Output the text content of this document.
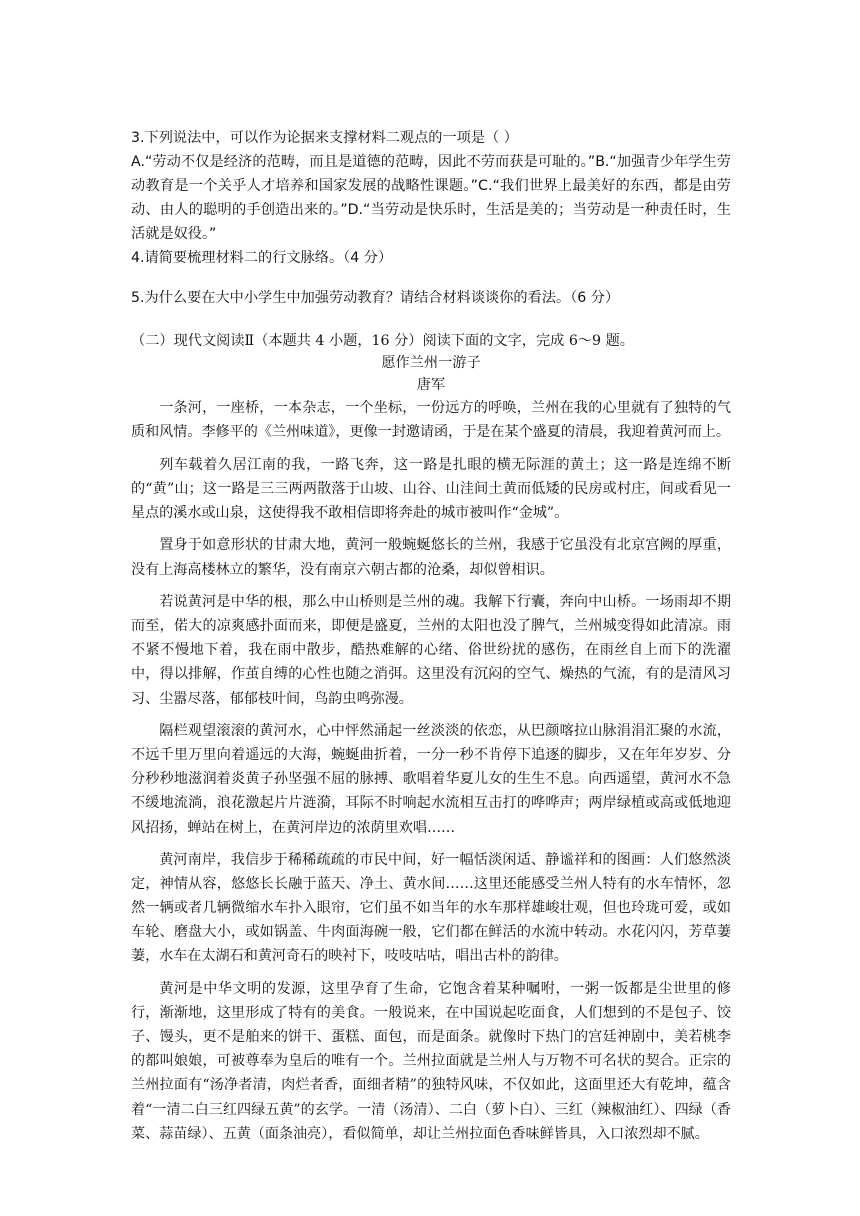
3.下列说法中，可以作为论据来支撑材料二观点的一项是（ ）

A.“劳动不仅是经济的范畴，而且是道德的范畴，因此不劳而获是可耻的。”B.“加强青少年学生劳动教育是一个关乎人才培养和国家发展的战略性课题。”C.“我们世界上最美好的东西，都是由劳动、由人的聪明的手创造出来的。”D.“当劳动是快乐时，生活是美的；当劳动是一种责任时，生活就是奴役。”

4.请简要梳理材料二的行文脉络。（4 分）

5.为什么要在大中小学生中加强劳动教育？请结合材料谈谈你的看法。（6 分）

（二）现代文阅读Ⅱ（本题共 4 小题，16 分）阅读下面的文字，完成 6～9 题。

愿作兰州一游子

唐军

一条河，一座桥，一本杂志，一个坐标，一份远方的呼唤，兰州在我的心里就有了独特的气质和风情。李修平的《兰州味道》，更像一封邀请函，于是在某个盛夏的清晨，我迎着黄河而上。

列车载着久居江南的我，一路飞奔，这一路是扎眼的横无际涯的黄土；这一路是连绵不断的“黄”山；这一路是三三两两散落于山坡、山谷、山洼间土黄而低矮的民房或村庄，间或看见一星点的溪水或山泉，这使得我不敢相信即将奔赴的城市被叫作“金城”。

置身于如意形状的甘肃大地，黄河一般蜿蜒悠长的兰州，我感于它虽没有北京宫阙的厚重，没有上海高楼林立的繁华，没有南京六朝古都的沧桑，却似曾相识。

若说黄河是中华的根，那么中山桥则是兰州的魂。我解下行囊，奔向中山桥。一场雨却不期而至，偌大的凉爽感扑面而来，即便是盛夏，兰州的太阳也没了脾气，兰州城变得如此清凉。雨不紧不慢地下着，我在雨中散步，酷热难解的心绪、俗世纷扰的感伤，在雨丝自上而下的洗濯中，得以排解，作茧自缚的心性也随之消弭。这里没有沉闷的空气、燥热的气流，有的是清风习习、尘嚣尽落，郁郁枝叶间，鸟韵虫鸣弥漫。

隔栏观望滚滚的黄河水，心中怦然涌起一丝淡淡的依恋，从巴颜喀拉山脉涓涓汇聚的水流，不远千里万里向着遥远的大海，蜿蜒曲折着，一分一秒不肯停下追逐的脚步，又在年年岁岁、分分秒秒地滋润着炎黄子孙坚强不屈的脉搏、歌唱着华夏儿女的生生不息。向西遥望，黄河水不急不缓地流淌，浪花激起片片涟漪，耳际不时响起水流相互击打的哗哗声；两岸绿植或高或低地迎风招扬，蝉站在树上，在黄河岸边的浓荫里欢唱……

黄河南岸，我信步于稀稀疏疏的市民中间，好一幅恬淡闲适、静谧祥和的图画：人们悠然淡定，神情从容，悠悠长长融于蓝天、净土、黄水间……这里还能感受兰州人特有的水车情怀，忽然一辆或者几辆微缩水车扑入眼帘，它们虽不如当年的水车那样雄峻壮观，但也玲珑可爱，或如车轮、磨盘大小，或如锅盖、牛肉面海碗一般，它们都在鲜活的水流中转动。水花闪闪，芳草萋萋，水车在太湖石和黄河奇石的映衬下，吱吱咕咕，唱出古朴的韵律。

黄河是中华文明的发源，这里孕育了生命，它饱含着某种嘱咐，一粥一饭都是尘世里的修行，渐渐地，这里形成了特有的美食。一般说来，在中国说起吃面食，人们想到的不是包子、饺子、馒头，更不是舶来的饼干、蛋糕、面包，而是面条。就像时下热门的宫廷神剧中，美若桃李的都叫娘娘，可被尊奉为皇后的唯有一个。兰州拉面就是兰州人与万物不可名状的契合。正宗的兰州拉面有“汤净者清，肉烂者香，面细者精”的独特风味，不仅如此，这面里还大有乾坤，蕴含着“一清二白三红四绿五黄”的玄学。一清（汤清）、二白（萝卜白）、三红（辣椒油红）、四绿（香菜、蒜苗绿）、五黄（面条油亮），看似简单，却让兰州拉面色香味鲜皆具，入口浓烈却不腻。
